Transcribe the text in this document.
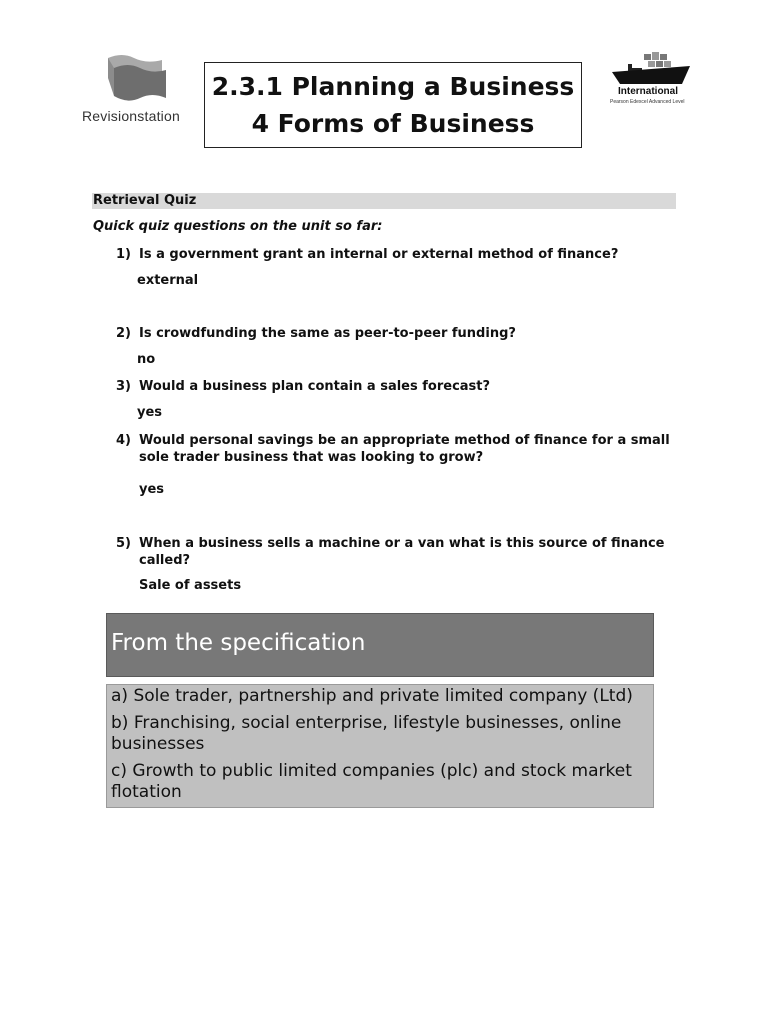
Revisionstation
2.3.1 Planning a Business
4 Forms of Business
International
Pearson Edexcel Advanced Level
Retrieval Quiz
Quick quiz questions on the unit so far:
1) Is a government grant an internal or external method of finance?
external
2) Is crowdfunding the same as peer-to-peer funding?
no
3) Would a business plan contain a sales forecast?
yes
4) Would personal savings be an appropriate method of finance for a small sole trader business that was looking to grow?
yes
5) When a business sells a machine or a van what is this source of finance called?
Sale of assets
From the specification
a) Sole trader, partnership and private limited company (Ltd)
b) Franchising, social enterprise, lifestyle businesses, online businesses
c) Growth to public limited companies (plc) and stock market flotation
